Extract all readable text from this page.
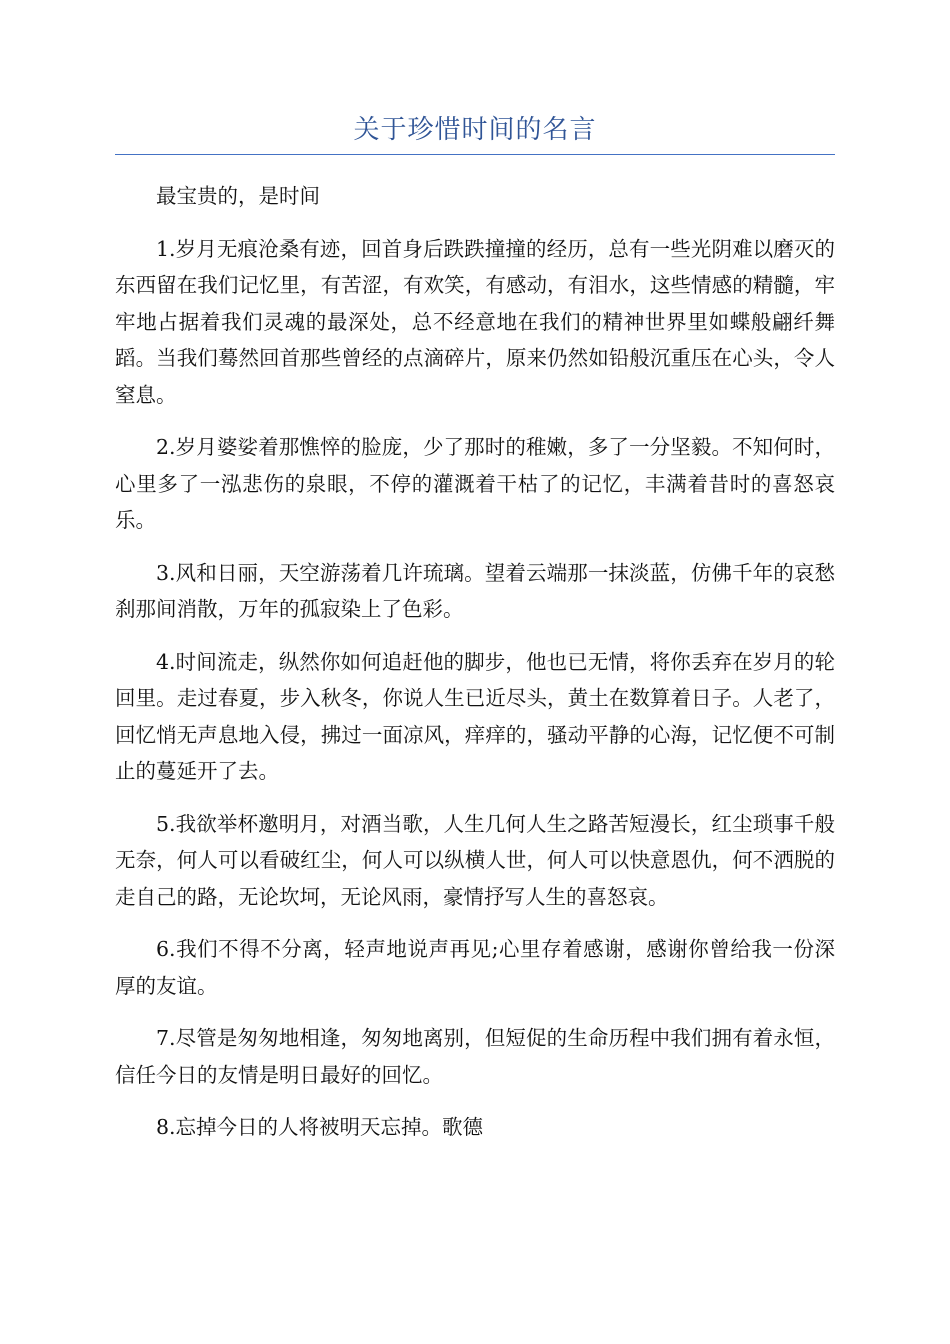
关于珍惜时间的名言

最宝贵的，是时间

1.岁月无痕沧桑有迹，回首身后跌跌撞撞的经历，总有一些光阴难以磨灭的东西留在我们记忆里，有苦涩，有欢笑，有感动，有泪水，这些情感的精髓，牢牢地占据着我们灵魂的最深处，总不经意地在我们的精神世界里如蝶般翩纤舞蹈。当我们蓦然回首那些曾经的点滴碎片，原来仍然如铅般沉重压在心头，令人窒息。

2.岁月婆娑着那憔悴的脸庞，少了那时的稚嫩，多了一分坚毅。不知何时，心里多了一泓悲伤的泉眼，不停的灌溉着干枯了的记忆，丰满着昔时的喜怒哀乐。

3.风和日丽，天空游荡着几许琉璃。望着云端那一抹淡蓝，仿佛千年的哀愁刹那间消散，万年的孤寂染上了色彩。

4.时间流走，纵然你如何追赶他的脚步，他也已无情，将你丢弃在岁月的轮回里。走过春夏，步入秋冬，你说人生已近尽头，黄土在数算着日子。人老了，回忆悄无声息地入侵，拂过一面凉风，痒痒的，骚动平静的心海，记忆便不可制止的蔓延开了去。

5.我欲举杯邀明月，对酒当歌，人生几何人生之路苦短漫长，红尘琐事千般无奈，何人可以看破红尘，何人可以纵横人世，何人可以快意恩仇，何不洒脱的走自己的路，无论坎坷，无论风雨，豪情抒写人生的喜怒哀。

6.我们不得不分离，轻声地说声再见;心里存着感谢，感谢你曾给我一份深厚的友谊。

7.尽管是匆匆地相逢，匆匆地离别，但短促的生命历程中我们拥有着永恒，信任今日的友情是明日最好的回忆。

8.忘掉今日的人将被明天忘掉。歌德
